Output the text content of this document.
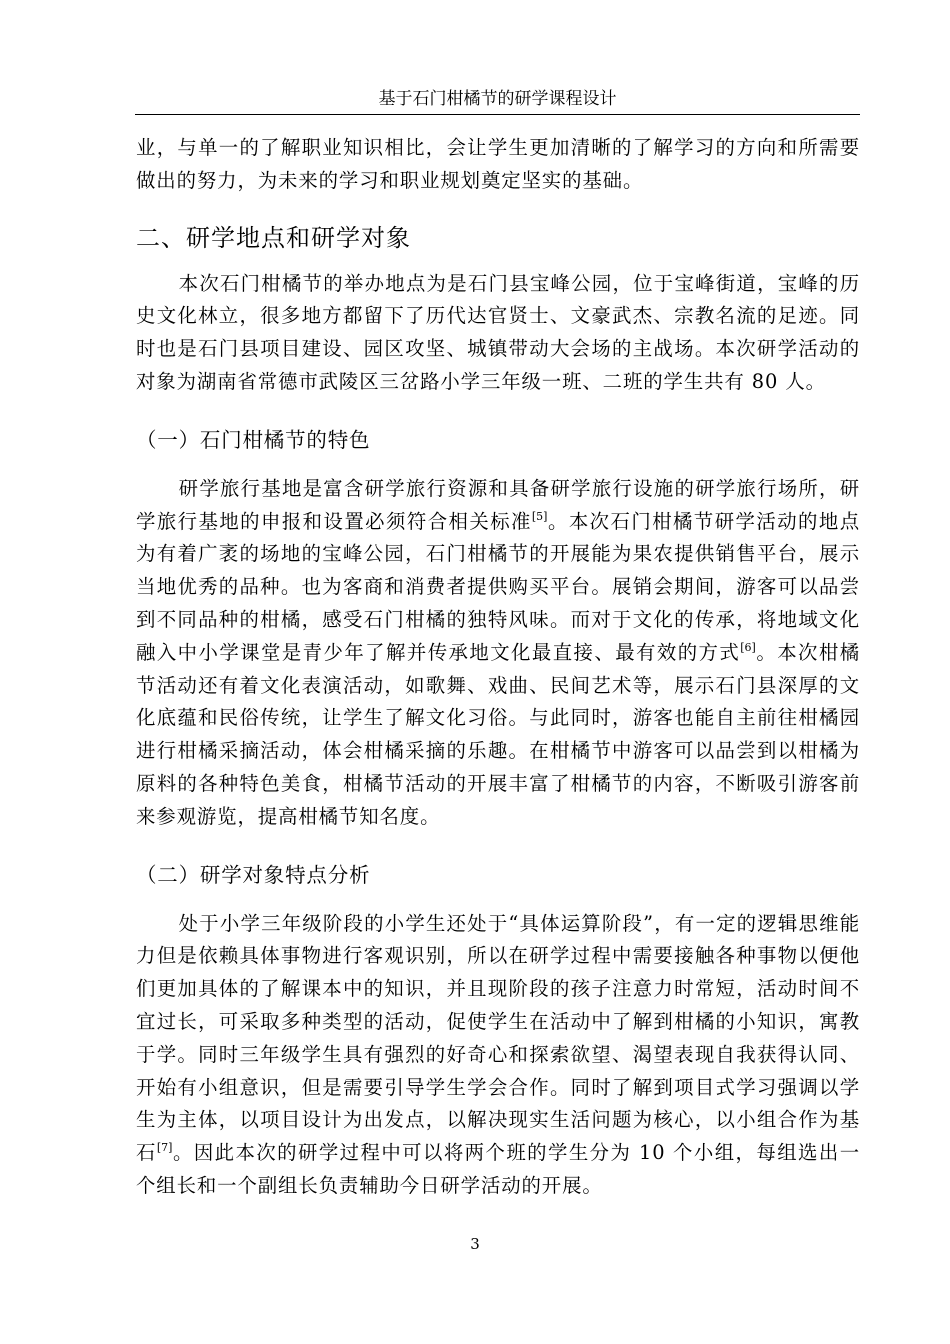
基于石门柑橘节的研学课程设计

业，与单一的了解职业知识相比，会让学生更加清晰的了解学习的方向和所需要做出的努力，为未来的学习和职业规划奠定坚实的基础。

二、研学地点和研学对象

本次石门柑橘节的举办地点为是石门县宝峰公园，位于宝峰街道，宝峰的历史文化林立，很多地方都留下了历代达官贤士、文豪武杰、宗教名流的足迹。同时也是石门县项目建设、园区攻坚、城镇带动大会场的主战场。本次研学活动的对象为湖南省常德市武陵区三岔路小学三年级一班、二班的学生共有 80 人。

（一）石门柑橘节的特色

研学旅行基地是富含研学旅行资源和具备研学旅行设施的研学旅行场所，研学旅行基地的申报和设置必须符合相关标准[5]。本次石门柑橘节研学活动的地点为有着广袤的场地的宝峰公园，石门柑橘节的开展能为果农提供销售平台，展示当地优秀的品种。也为客商和消费者提供购买平台。展销会期间，游客可以品尝到不同品种的柑橘，感受石门柑橘的独特风味。而对于文化的传承，将地域文化融入中小学课堂是青少年了解并传承地文化最直接、最有效的方式[6]。本次柑橘节活动还有着文化表演活动，如歌舞、戏曲、民间艺术等，展示石门县深厚的文化底蕴和民俗传统，让学生了解文化习俗。与此同时，游客也能自主前往柑橘园进行柑橘采摘活动，体会柑橘采摘的乐趣。在柑橘节中游客可以品尝到以柑橘为原料的各种特色美食，柑橘节活动的开展丰富了柑橘节的内容，不断吸引游客前来参观游览，提高柑橘节知名度。

（二）研学对象特点分析

处于小学三年级阶段的小学生还处于“具体运算阶段”，有一定的逻辑思维能力但是依赖具体事物进行客观识别，所以在研学过程中需要接触各种事物以便他们更加具体的了解课本中的知识，并且现阶段的孩子注意力时常短，活动时间不宜过长，可采取多种类型的活动，促使学生在活动中了解到柑橘的小知识，寓教于学。同时三年级学生具有强烈的好奇心和探索欲望、渴望表现自我获得认同、开始有小组意识，但是需要引导学生学会合作。同时了解到项目式学习强调以学生为主体，以项目设计为出发点，以解决现实生活问题为核心，以小组合作为基石[7]。因此本次的研学过程中可以将两个班的学生分为 10 个小组，每组选出一个组长和一个副组长负责辅助今日研学活动的开展。

3
